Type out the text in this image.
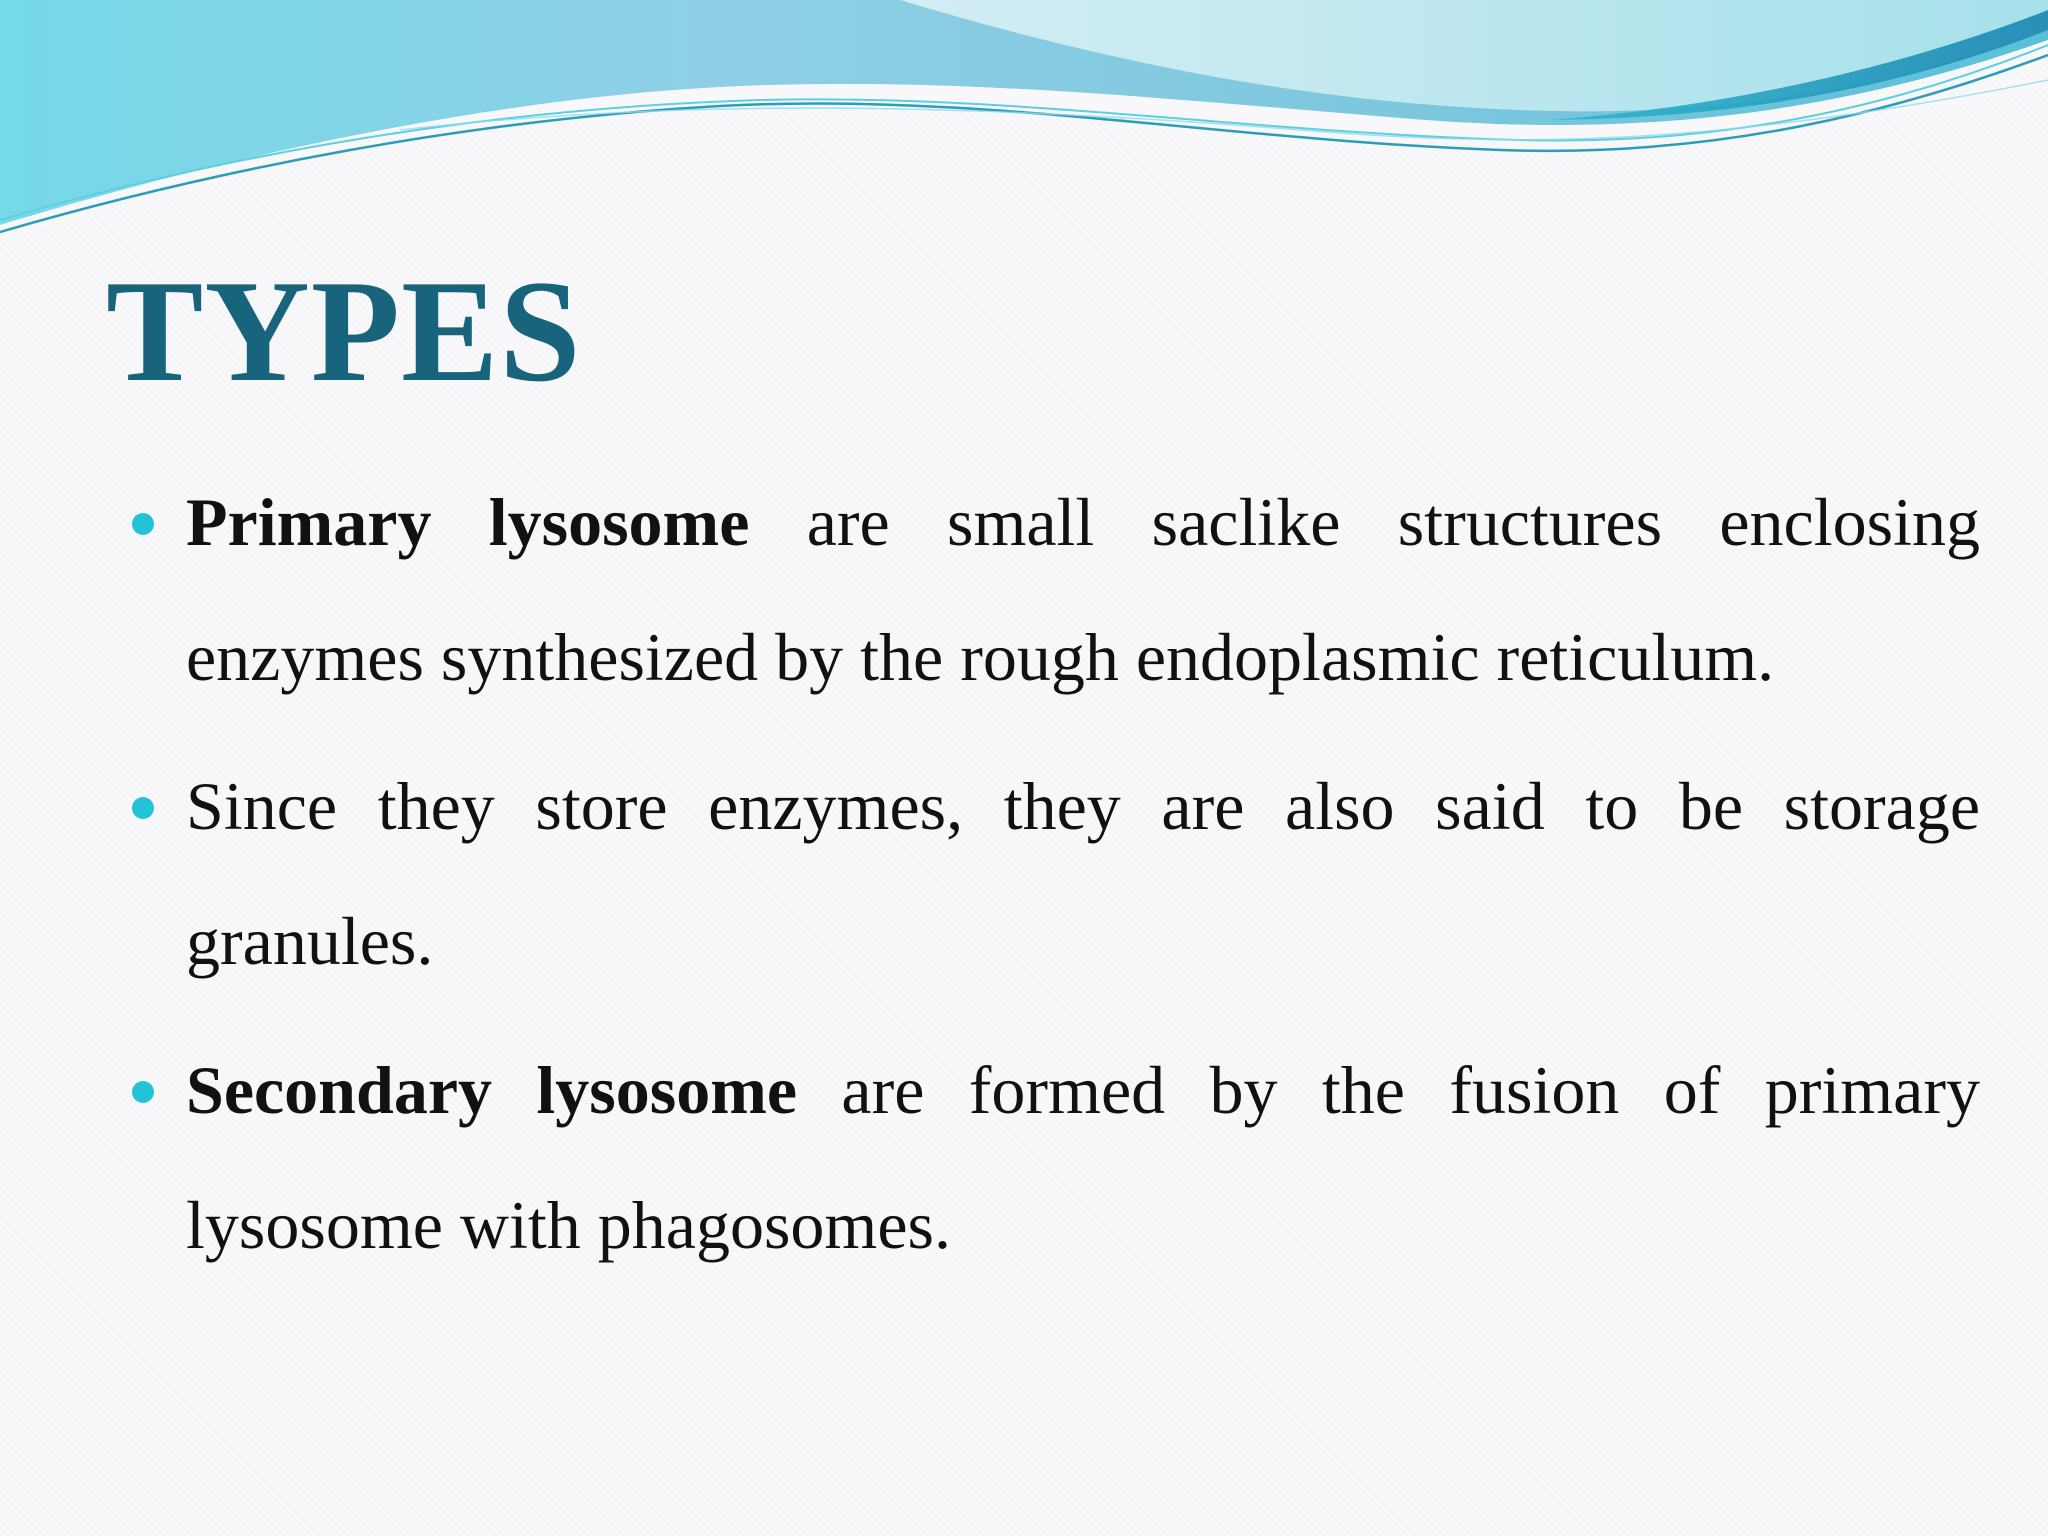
TYPES
Primary lysosome are small saclike structures enclosing enzymes synthesized by the rough endoplasmic reticulum.
Since they store enzymes, they are also said to be storage granules.
Secondary lysosome are formed by the fusion of primary lysosome with phagosomes.
